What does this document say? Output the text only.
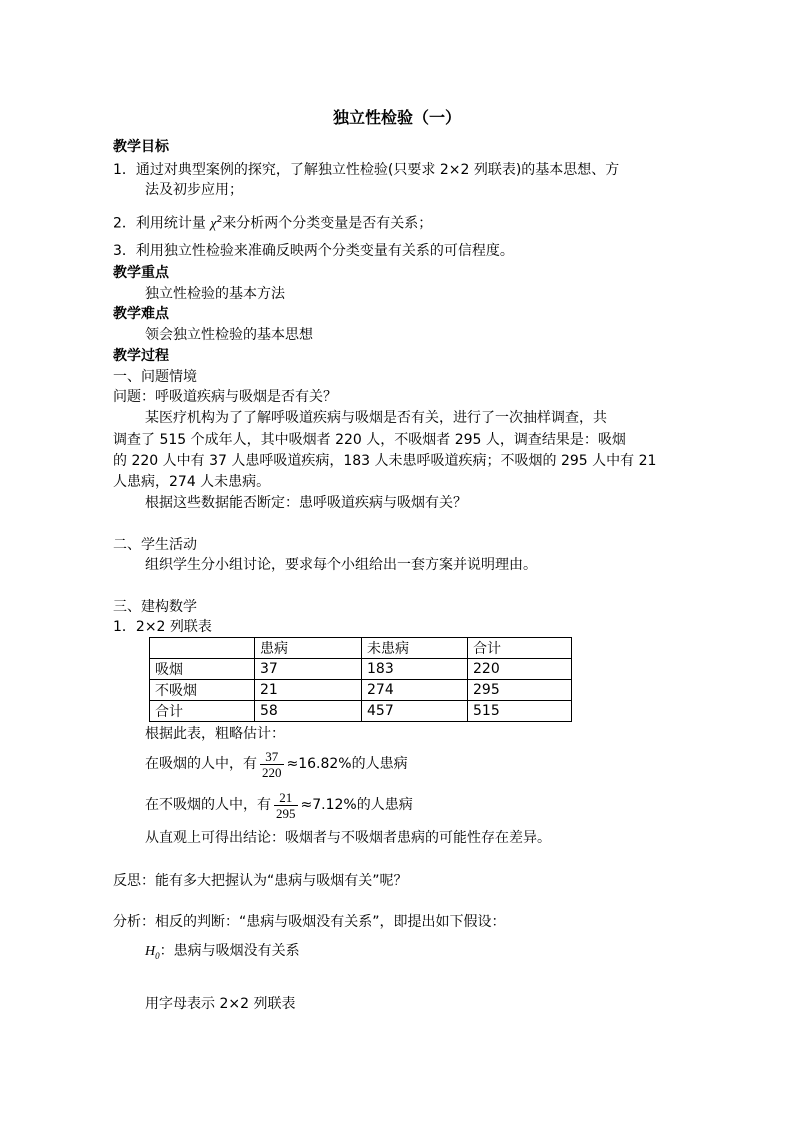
独立性检验（一）
教学目标
1．通过对典型案例的探究，了解独立性检验(只要求 2×2 列联表)的基本思想、方
法及初步应用；
2．利用统计量 $\chi^2$来分析两个分类变量是否有关系；
3．利用独立性检验来准确反映两个分类变量有关系的可信程度。
教学重点
独立性检验的基本方法
教学难点
领会独立性检验的基本思想
教学过程
一、问题情境
问题：呼吸道疾病与吸烟是否有关？
某医疗机构为了了解呼吸道疾病与吸烟是否有关，进行了一次抽样调查，共
调查了 515 个成年人，其中吸烟者 220 人，不吸烟者 295 人，调查结果是：吸烟
的 220 人中有 37 人患呼吸道疾病，183 人未患呼吸道疾病；不吸烟的 295 人中有 21
人患病，274 人未患病。
根据这些数据能否断定：患呼吸道疾病与吸烟有关？
二、学生活动
组织学生分小组讨论，要求每个小组给出一套方案并说明理由。
三、建构数学
1．2×2 列联表
	患病	未患病	合计
吸烟	37	183	220
不吸烟	21	274	295
合计	58	457	515
根据此表，粗略估计：
在吸烟的人中，有 $\frac{37}{220} \approx 16.82\%$的人患病
在不吸烟的人中，有 $\frac{21}{295} \approx 7.12\%$的人患病
从直观上可得出结论：吸烟者与不吸烟者患病的可能性存在差异。
反思：能有多大把握认为“患病与吸烟有关”呢？
分析：相反的判断：“患病与吸烟没有关系”，即提出如下假设：
$H_0$：患病与吸烟没有关系
用字母表示 2×2 列联表
